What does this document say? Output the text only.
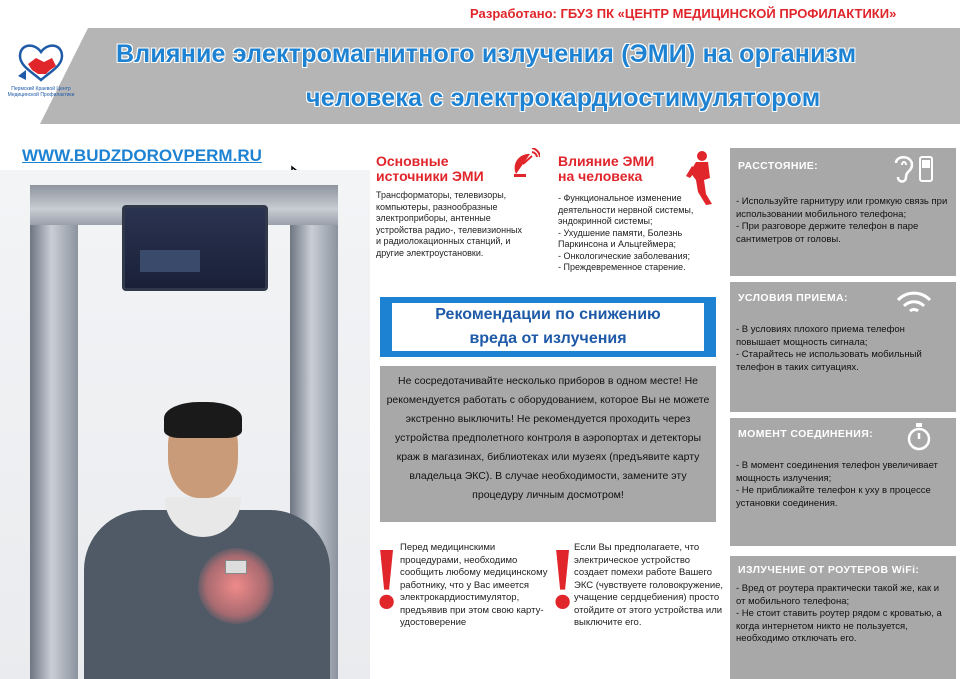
Разработано: ГБУЗ ПК «ЦЕНТР МЕДИЦИНСКОЙ ПРОФИЛАКТИКИ»
Влияние электромагнитного излучения (ЭМИ) на организм
человека с электрокардиостимулятором
Пермский Краевой Центр Медицинской Профилактики
WWW.BUDZDOROVPERM.RU	Основные
источники ЭМИ
Трансформаторы, телевизоры, компьютеры, разнообразные электроприборы, антенные устройства радио-, телевизионных и радиолокационных станций, и другие электроустановки.
Влияние ЭМИ
на человека
- Функциональное изменение деятельности нервной системы, эндокринной системы;
- Ухудшение памяти, Болезнь Паркинсона и Альцгеймера;
- Онкологические заболевания;
- Преждевременное старение.
Рекомендации по снижению
вреда от излучения
Не сосредотачивайте несколько приборов в одном месте! Не рекомендуется работать с оборудованием, которое Вы не можете экстренно выключить! Не рекомендуется проходить через устройства предполетного контроля в аэропортах и детекторы краж в магазинах, библиотеках или музеях (предъявите карту владельца ЭКС). В случае необходимости, замените эту процедуру личным досмотром!
!
Перед медицинскими процедурами, необходимо сообщить любому медицинскому работнику, что у Вас имеется электрокардиостимулятор, предъявив при этом свою карту-удостоверение !
Если Вы предполагаете, что электрическое устройство создает помехи работе Вашего ЭКС (чувствуете головокружение, учащение сердцебиения) просто отойдите от этого устройства или выключите его.
РАССТОЯНИЕ:
- Используйте гарнитуру или громкую связь при использовании мобильного телефона;
- При разговоре держите телефон в паре сантиметров от головы.
УСЛОВИЯ ПРИЕМА:
- В условиях плохого приема телефон повышает мощность сигнала;
- Старайтесь не использовать мобильный телефон в таких ситуациях.
МОМЕНТ СОЕДИНЕНИЯ:
- В момент соединения телефон увеличивает мощность излучения;
- Не приближайте телефон к уху в процессе установки соединения.
ИЗЛУЧЕНИЕ ОТ РОУТЕРОВ WiFi:
- Вред от роутера практически такой же, как и от мобильного телефона;
- Не стоит ставить роутер рядом с кроватью, а когда интернетом никто не пользуется, необходимо отключать его.
